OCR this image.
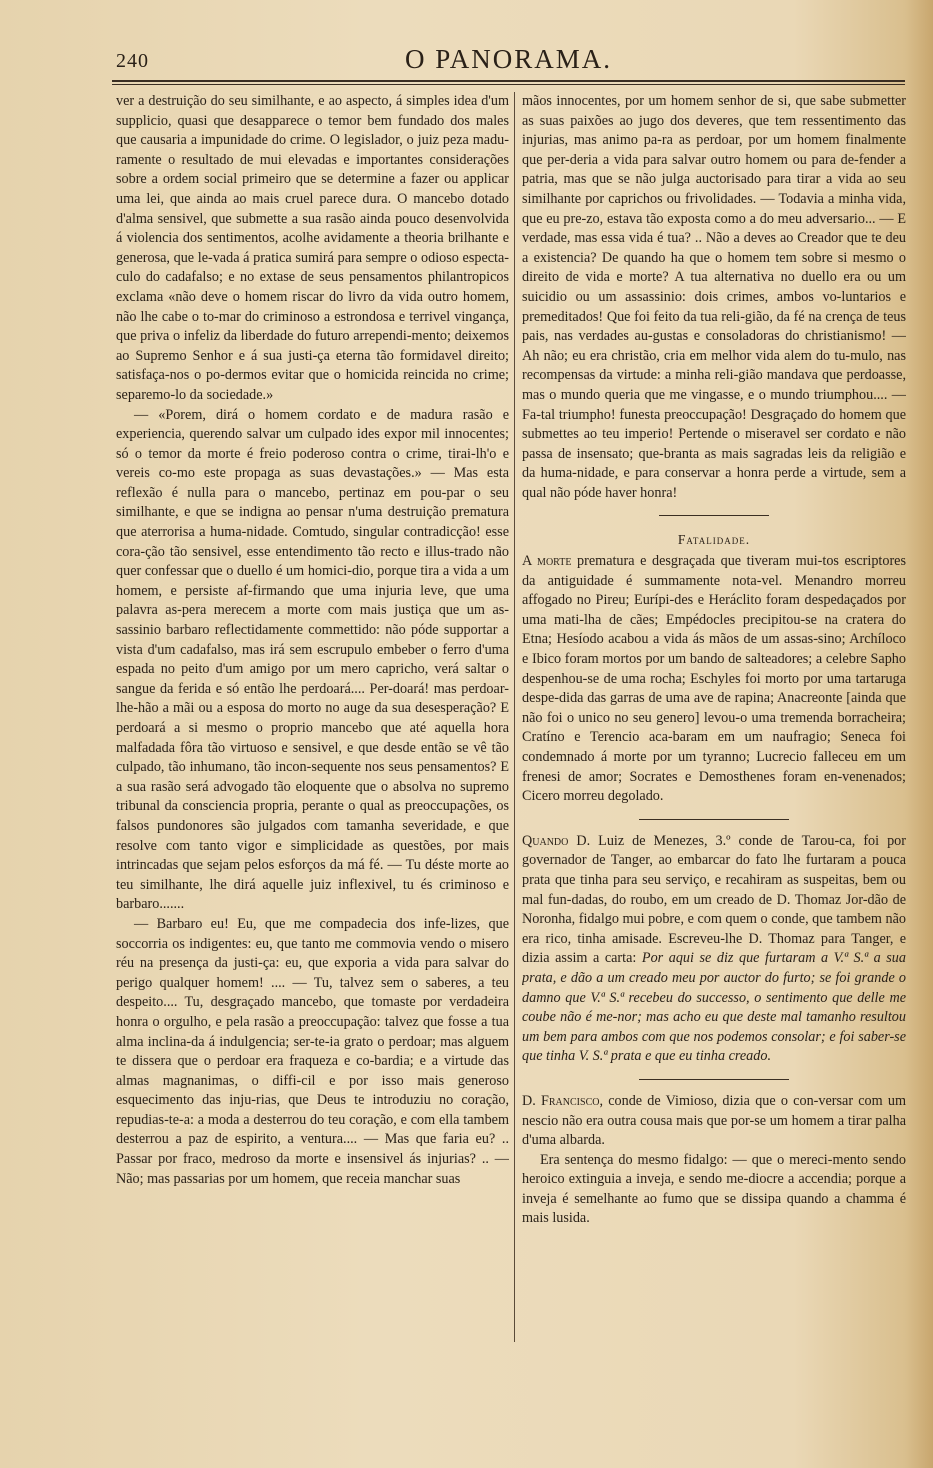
240	O PANORAMA.

ver a destruição do seu similhante, e ao aspecto, á simples idea d'um supplicio, quasi que desapparece o temor bem fundado dos males que causaria a impunidade do crime. O legislador, o juiz peza madu-ramente o resultado de mui elevadas e importantes considerações sobre a ordem social primeiro que se determine a fazer ou applicar uma lei, que ainda ao mais cruel parece dura. O mancebo dotado d'alma sensivel, que submette a sua rasão ainda pouco desenvolvida á violencia dos sentimentos, acolhe avidamente a theoria brilhante e generosa, que le-vada á pratica sumirá para sempre o odioso especta-culo do cadafalso; e no extase de seus pensamentos philantropicos exclama «não deve o homem riscar do livro da vida outro homem, não lhe cabe o to-mar do criminoso a estrondosa e terrivel vingança, que priva o infeliz da liberdade do futuro arrependi-mento; deixemos ao Supremo Senhor e á sua justi-ça eterna tão formidavel direito; satisfaça-nos o po-dermos evitar que o homicida reincida no crime; separemo-lo da sociedade.»

— «Porem, dirá o homem cordato e de madura rasão e experiencia, querendo salvar um culpado ides expor mil innocentes; só o temor da morte é freio poderoso contra o crime, tirai-lh'o e vereis co-mo este propaga as suas devastações.» — Mas esta reflexão é nulla para o mancebo, pertinaz em pou-par o seu similhante, e que se indigna ao pensar n'uma destruição prematura que aterrorisa a huma-nidade. Comtudo, singular contradicção! esse cora-ção tão sensivel, esse entendimento tão recto e illus-trado não quer confessar que o duello é um homici-dio, porque tira a vida a um homem, e persiste af-firmando que uma injuria leve, que uma palavra as-pera merecem a morte com mais justiça que um as-sassinio barbaro reflectidamente commettido: não póde supportar a vista d'um cadafalso, mas irá sem escrupulo embeber o ferro d'uma espada no peito d'um amigo por um mero capricho, verá saltar o sangue da ferida e só então lhe perdoará.... Per-doará! mas perdoar-lhe-hão a mãi ou a esposa do morto no auge da sua desesperação? E perdoará a si mesmo o proprio mancebo que até aquella hora malfadada fôra tão virtuoso e sensivel, e que desde então se vê tão culpado, tão inhumano, tão incon-sequente nos seus pensamentos? E a sua rasão será advogado tão eloquente que o absolva no supremo tribunal da consciencia propria, perante o qual as preoccupações, os falsos pundonores são julgados com tamanha severidade, e que resolve com tanto vigor e simplicidade as questões, por mais intrincadas que sejam pelos esforços da má fé. — Tu déste morte ao teu similhante, lhe dirá aquelle juiz inflexivel, tu és criminoso e barbaro.......

— Barbaro eu! Eu, que me compadecia dos infe-lizes, que soccorria os indigentes: eu, que tanto me commovia vendo o misero réu na presença da justi-ça: eu, que exporia a vida para salvar do perigo qualquer homem! .... — Tu, talvez sem o saberes, a teu despeito.... Tu, desgraçado mancebo, que tomaste por verdadeira honra o orgulho, e pela rasão a preoccupação: talvez que fosse a tua alma inclina-da á indulgencia; ser-te-ia grato o perdoar; mas alguem te dissera que o perdoar era fraqueza e co-bardia; e a virtude das almas magnanimas, o diffi-cil e por isso mais generoso esquecimento das inju-rias, que Deus te introduziu no coração, repudias-te-a: a moda a desterrou do teu coração, e com ella tambem desterrou a paz de espirito, a ventura.... — Mas que faria eu? .. Passar por fraco, medroso da morte e insensivel ás injurias? .. — Não; mas passarias por um homem, que receia manchar suas

mãos innocentes, por um homem senhor de si, que sabe submetter as suas paixões ao jugo dos deveres, que tem ressentimento das injurias, mas animo pa-ra as perdoar, por um homem finalmente que per-deria a vida para salvar outro homem ou para de-fender a patria, mas que se não julga auctorisado para tirar a vida ao seu similhante por caprichos ou frivolidades. — Todavia a minha vida, que eu pre-zo, estava tão exposta como a do meu adversario... — E verdade, mas essa vida é tua? .. Não a deves ao Creador que te deu a existencia? De quando ha que o homem tem sobre si mesmo o direito de vida e morte? A tua alternativa no duello era ou um suicidio ou um assassinio: dois crimes, ambos vo-luntarios e premeditados! Que foi feito da tua reli-gião, da fé na crença de teus pais, nas verdades au-gustas e consoladoras do christianismo! — Ah não; eu era christão, cria em melhor vida alem do tu-mulo, nas recompensas da virtude: a minha reli-gião mandava que perdoasse, mas o mundo queria que me vingasse, e o mundo triumphou.... — Fa-tal triumpho! funesta preoccupação! Desgraçado do homem que submettes ao teu imperio! Pertende o miseravel ser cordato e não passa de insensato; que-branta as mais sagradas leis da religião e da huma-nidade, e para conservar a honra perde a virtude, sem a qual não póde haver honra!

Fatalidade.

A morte prematura e desgraçada que tiveram mui-tos escriptores da antiguidade é summamente nota-vel. Menandro morreu affogado no Pireu; Eurípi-des e Heráclito foram despedaçados por uma mati-lha de cães; Empédocles precipitou-se na cratera do Etna; Hesíodo acabou a vida ás mãos de um assas-sino; Archíloco e Ibico foram mortos por um bando de salteadores; a celebre Sapho despenhou-se de uma rocha; Eschyles foi morto por uma tartaruga despe-dida das garras de uma ave de rapina; Anacreonte [ainda que não foi o unico no seu genero] levou-o uma tremenda borracheira; Cratíno e Terencio aca-baram em um naufragio; Seneca foi condemnado á morte por um tyranno; Lucrecio falleceu em um frenesi de amor; Socrates e Demosthenes foram en-venenados; Cicero morreu degolado.

Quando D. Luiz de Menezes, 3.º conde de Tarou-ca, foi por governador de Tanger, ao embarcar do fato lhe furtaram a pouca prata que tinha para seu serviço, e recahiram as suspeitas, bem ou mal fun-dadas, do roubo, em um creado de D. Thomaz Jor-dão de Noronha, fidalgo mui pobre, e com quem o conde, que tambem não era rico, tinha amisade. Escreveu-lhe D. Thomaz para Tanger, e dizia assim a carta: Por aqui se diz que furtaram a V.ª S.ª a sua prata, e dão a um creado meu por auctor do furto; se foi grande o damno que V.ª S.ª recebeu do successo, o sentimento que delle me coube não é me-nor; mas acho eu que deste mal tamanho resultou um bem para ambos com que nos podemos consolar; e foi saber-se que tinha V. S.ª prata e que eu tinha creado.

D. Francisco, conde de Vimioso, dizia que o con-versar com um nescio não era outra cousa mais que por-se um homem a tirar palha d'uma albarda.

Era sentença do mesmo fidalgo: — que o mereci-mento sendo heroico extinguia a inveja, e sendo me-diocre a accendia; porque a inveja é semelhante ao fumo que se dissipa quando a chamma é mais lusida.
